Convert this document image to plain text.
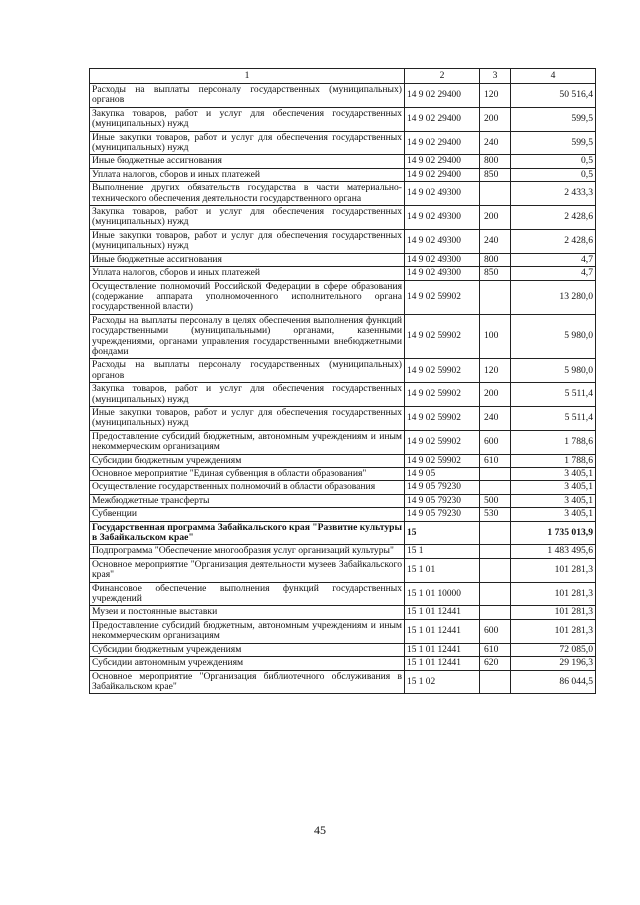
1	2	3	4
Расходы на выплаты персоналу государственных (муниципальных) органов	14 9 02 29400	120	50 516,4
Закупка товаров, работ и услуг для обеспечения государственных (муниципальных) нужд	14 9 02 29400	200	599,5
Иные закупки товаров, работ и услуг для обеспечения государственных (муниципальных) нужд	14 9 02 29400	240	599,5
Иные бюджетные ассигнования	14 9 02 29400	800	0,5
Уплата налогов, сборов и иных платежей	14 9 02 29400	850	0,5
Выполнение других обязательств государства в части материально-технического обеспечения деятельности государственного органа	14 9 02 49300		2 433,3
Закупка товаров, работ и услуг для обеспечения государственных (муниципальных) нужд	14 9 02 49300	200	2 428,6
Иные закупки товаров, работ и услуг для обеспечения государственных (муниципальных) нужд	14 9 02 49300	240	2 428,6
Иные бюджетные ассигнования	14 9 02 49300	800	4,7
Уплата налогов, сборов и иных платежей	14 9 02 49300	850	4,7
Осуществление полномочий Российской Федерации в сфере образования (содержание аппарата уполномоченного исполнительного органа государственной власти)	14 9 02 59902		13 280,0
Расходы на выплаты персоналу в целях обеспечения выполнения функций государственными (муниципальными) органами, казенными учреждениями, органами управления государственными внебюджетными фондами	14 9 02 59902	100	5 980,0
Расходы на выплаты персоналу государственных (муниципальных) органов	14 9 02 59902	120	5 980,0
Закупка товаров, работ и услуг для обеспечения государственных (муниципальных) нужд	14 9 02 59902	200	5 511,4
Иные закупки товаров, работ и услуг для обеспечения государственных (муниципальных) нужд	14 9 02 59902	240	5 511,4
Предоставление субсидий бюджетным, автономным учреждениям и иным некоммерческим организациям	14 9 02 59902	600	1 788,6
Субсидии бюджетным учреждениям	14 9 02 59902	610	1 788,6
Основное мероприятие "Единая субвенция в области образования"	14 9 05		3 405,1
Осуществление государственных полномочий в области образования	14 9 05 79230		3 405,1
Межбюджетные трансферты	14 9 05 79230	500	3 405,1
Субвенции	14 9 05 79230	530	3 405,1
Государственная программа Забайкальского края "Развитие культуры в Забайкальском крае"	15		1 735 013,9
Подпрограмма "Обеспечение многообразия услуг организаций культуры"	15 1		1 483 495,6
Основное мероприятие "Организация деятельности музеев Забайкальского края"	15 1 01		101 281,3
Финансовое обеспечение выполнения функций государственных учреждений	15 1 01 10000		101 281,3
Музеи и постоянные выставки	15 1 01 12441		101 281,3
Предоставление субсидий бюджетным, автономным учреждениям и иным некоммерческим организациям	15 1 01 12441	600	101 281,3
Субсидии бюджетным учреждениям	15 1 01 12441	610	72 085,0
Субсидии автономным учреждениям	15 1 01 12441	620	29 196,3
Основное мероприятие "Организация библиотечного обслуживания в Забайкальском крае"	15 1 02		86 044,5
45
